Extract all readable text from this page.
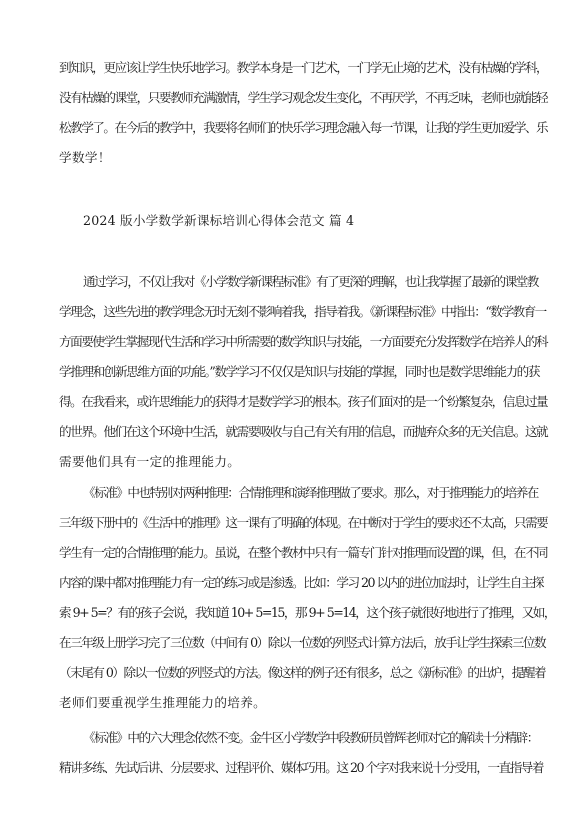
到知识，更应该让学生快乐地学习。教学本身是一门艺术，一门学无止境的艺术，没有枯燥的学科，
没有枯燥的课堂，只要教师充满激情，学生学习观念发生变化，不再厌学，不再乏味，老师也就能轻
松教学了。在今后的教学中，我要将名师们的快乐学习理念融入每一节课，让我的学生更加爱学、乐
学数学！
2024 版小学数学新课标培训心得体会范文 篇 4
通过学习，不仅让我对《小学数学新课程标准》有了更深的理解，也让我掌握了最新的课堂教
学理念，这些先进的教学理念无时无刻不影响着我，指导着我。《新课程标准》中指出：“数学教育一
方面要使学生掌握现代生活和学习中所需要的数学知识与技能，一方面要充分发挥数学在培养人的科
学推理和创新思维方面的功能。”数学学习不仅仅是知识与技能的掌握，同时也是数学思维能力的获
得。在我看来，或许思维能力的获得才是数学学习的根本。孩子们面对的是一个纷繁复杂，信息过量
的世界。他们在这个环境中生活，就需要吸收与自己有关有用的信息，而抛弃众多的无关信息。这就
需要他们具有一定的推理能力。
《标准》中也特别对两种推理：合情推理和演绎推理做了要求。那么，对于推理能力的培养在
三年级下册中的《生活中的推理》这一课有了明确的体现。在中断对于学生的要求还不太高，只需要
学生有一定的合情推理的能力。虽说，在整个教材中只有一篇专门针对推理而设置的课，但，在不同
内容的课中都对推理能力有一定的练习或是渗透。比如：学习 20 以内的进位加法时，让学生自主探
索 9+ 5=？有的孩子会说，我知道 10+ 5=15，那 9+ 5=14，这个孩子就很好地进行了推理，又如，
在三年级上册学习完了三位数（中间有 0）除以一位数的列竖式计算方法后，放手让学生探索三位数
（末尾有 0）除以一位数的列竖式的方法。像这样的例子还有很多，总之《新标准》的出炉，提醒着
老师们要重视学生推理能力的培养。
《标准》中的六大理念依然不变。金牛区小学数学中段教研员曾辉老师对它的解读十分精辟：
精讲多练、先试后讲、分层要求、过程评价、媒体巧用。这 20 个字对我来说十分受用，一直指导着
